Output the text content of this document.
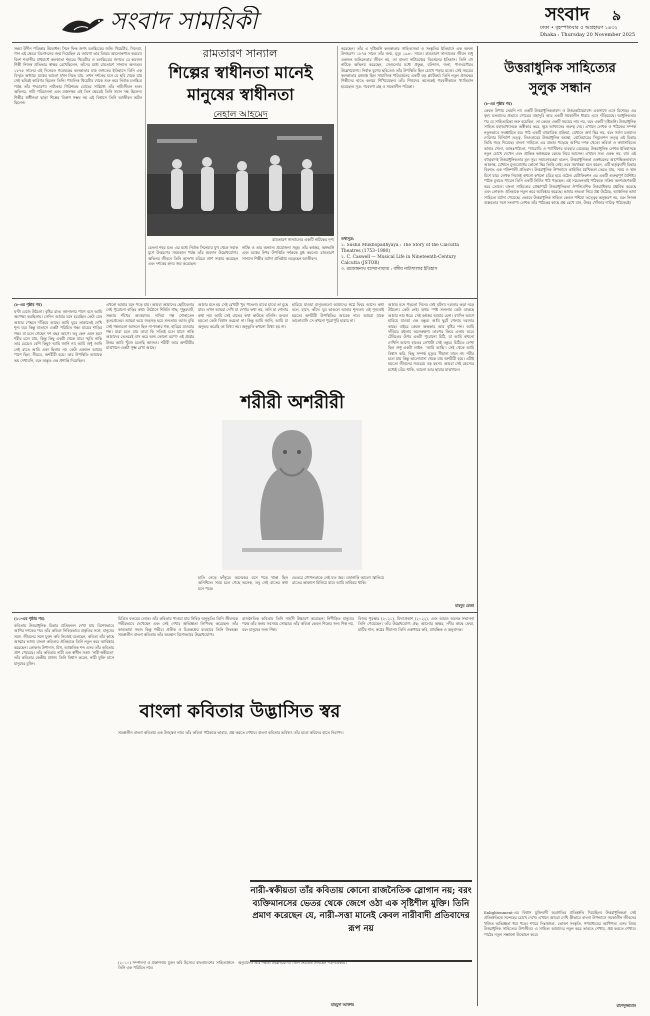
সংবাদ সাময়িকী	সংবাদ	৯
ঢাকা • বৃহস্পতিবার ৫ অগ্রহায়ণ ১৪৩২
Dhaka : Thursday 20 November 2025
সন্ধ্যা উদীন পত্রিকার উদ্বোধন। সিনে ফিক জগৎ চলচ্চিত্রের জনি। থিয়েটার, সিনেমা, গান এই ক্ষেত্রে বিনোদনের জন্ম দিয়েছিল যে জায়গা তার বিষয়ে আলোকপাত করবো। বিংশ শতাব্দীর প্রথমার্ধে কলকাতা শহরের থিয়েটার ও চলচ্চিত্রের জগতে যে কয়জন শিল্পী নিজস্ব প্রতিভার স্বাক্ষর রেখেছিলেন, তাঁদের মধ্যে রামতারণ সান্যাল অন্যতম। ১৮৭৫ সালের এই দিনেরও গবেষকের কলকাতার মঞ্চ জগতের ইতিহাসে তিনি এক বিস্মৃত অধ্যায়। মঞ্চের আলো যখন নিভে যায়, তখন দর্শকের মনে যে ছবি থেকে যায় সেই ছবিরই কারিগর ছিলেন তিনি। পাবলিক থিয়েটার থেকে শুরু করে নির্বাক চলচ্চিত্র পর্যন্ত তাঁর পদচারণা। নাট্যকার গিরিশচন্দ্র ঘোষের সান্নিধ্যে তাঁর নাট্যজীবন শুরু। অভিনয়, নাট্য পরিচালনা এবং মঞ্চসজ্জা এই তিন ক্ষেত্রেই তিনি সমান দক্ষ ছিলেন। শিল্পীর স্বাধীনতা ছাড়া শিল্পের বিকাশ সম্ভব নয় এই বিশ্বাসে তিনি আজীবন অটল ছিলেন।
রামতারণ সান্যাল
শিল্পের স্বাধীনতা মানেই
মানুষের স্বাধীনতা
নেহাল আহমেদ
রামতারণ সান্যালের একটি নাটকের দৃশ্য
চেনলা শহর মত। এর মধ্যে নির্বাক সিনেমার যুগ থেকে সবাক যুগে উত্তরণের সময়কাল পর্যন্ত তাঁর অবদান উল্লেখযোগ্য। অভিনয় জীবনে তিনি অসংখ্য চরিত্রে প্রাণ সঞ্চার করেছেন এবং দর্শকের হৃদয় জয় করেছেন।
নাটক ও তার অন্যান্য প্রযোজনা সমূহ। তাঁর কণ্ঠস্বর, অঙ্গভঙ্গি এবং মঞ্চের উপর উপস্থিতি দর্শককে মুগ্ধ করতো। রামতারণ সান্যাল শিল্পীর মর্যাদা প্রতিষ্ঠায় লড়েছেন আজীবন।
করেছেন। তাঁর এ দৃষ্টিভঙ্গি কলকাতার সাহিত্যসভা ও সংস্কৃতির ইতিহাসে এক অনন্য উদাহরণ। ১৮৭৫ সালে তাঁর জন্ম, মৃত্যু ১৯৪০ সালে। রামতারণ সান্যালের জীবন শুধু একজন অভিনেতার জীবন নয়, তা বাংলা নাট্যমঞ্চের বিবর্তনের ইতিহাস। তিনি বহু নাটকে অভিনয় করেছেন, সেগুলোর মধ্যে প্রফুল্ল, বলিদান, জনা, পাণ্ডবগৌরব উল্লেখযোগ্য। নির্বাক যুগের ছবিতেও তাঁর উপস্থিতি ছিল চোখে পড়ার মতো। সেই সময়ের কলকাতার রঙ্গমঞ্চ ছিল সামাজিক পরিবর্তনের একটি বড় প্ল্যাটফর্ম। তিনি নতুন প্রজন্মের শিল্পীদের হাতে কলমে শিখিয়েছেন। তাঁর শিষ্যদের অনেকেই পরবর্তীকালে খ্যাতিমান হয়েছেন। সূত্র: গবেষণা গ্রন্থ ও সমকালীন পত্রিকা।
তথ্যসূত্র:
১. Sushil Mukhopadhyaya : The Story of the Calcutta Theatres (1753–1980)
২. C. Caswell — Musical Life in Nineteenth-Century Calcutta (JSTOR)
৩. ব্রজেন্দ্রনাথ বন্দ্যোপাধ্যায় : বঙ্গীয় নাট্যশালার ইতিহাস
উত্তরাধুনিক সাহিত্যের
সুলুক সন্ধান
(৮-এর পৃষ্ঠার পর)
কেবল উপায় তেমনি না। একটি উত্তরাধুনিকতাবাদ ও উত্তরকাঠামোবাদ একসাথে এসে মিশেছে। এর বৃহৎ মতবাদের প্রভাবে গোত্রের বাহাদুরি আর একটি সমকালীন ধারায় এসে দাঁড়িয়েছে। আধুনিকতার পর যে সাহিত্যচিন্তা শুরু হয়েছিল, তা কেবল একটি সময়ের নাম নয়, বরং একটি দৃষ্টিভঙ্গি। উত্তরাধুনিক সাহিত্য মহাআখ্যানকে অস্বীকার করে, ক্ষুদ্র আখ্যানের গুরুত্ব দেয়। এখানে লেখক ও পাঠকের সম্পর্ক নতুনভাবে সংজ্ঞায়িত হয়। পাঠ একটি বহুমাত্রিক প্রক্রিয়া, যেখানে অর্থ স্থির নয়, বরং সর্বদা চলমান। দেরিদার বিনির্মাণ তত্ত্ব, লিওতারের উত্তরাধুনিক অবস্থা, বোদ্রিয়ারের সিমুলেশন তত্ত্ব এই চিন্তার ভিত্তি গড়ে দিয়েছে। বাংলা সাহিত্যে এর প্রভাব পড়েছে আশির দশক থেকে। কবিতা ও কথাসাহিত্যে ভাষার খেলা, আন্তঃপাঠ্যতা, প্যারোডি ও প্যাস্টিশের ব্যবহার বেড়েছে। উত্তরাধুনিক লেখক ইতিহাসকে নতুন চোখে দেখেন এবং প্রান্তিক কণ্ঠস্বরকে কেন্দ্রে নিয়ে আসেন। এখানে সত্য একক নয়, বহু। এই বহুত্ববাদই উত্তরাধুনিকতার মূল সুর। সমালোচকরা বলেন, উত্তরাধুনিকতা একধরনের আপেক্ষিকতাবাদে আক্রান্ত, যেখানে মূল্যবোধের কোনো স্থির ভিত্তি নেই। তবে সমর্থকরা মনে করেন, এটি কর্তৃত্ববাদী চিন্তার বিরুদ্ধে এক শক্তিশালী প্রতিবাদ। উত্তরাধুনিক উপন্যাসে কাহিনির রৈখিকতা ভেঙে যায়, সময় ও স্থান মিশে যায়। লেখক নিজেই কখনো কখনো চরিত্র হয়ে ওঠেন। মেটাফিকশন এর একটি গুরুত্বপূর্ণ বৈশিষ্ট্য। পাঠক বুঝতে পারেন তিনি একটি নির্মিত পাঠ পড়ছেন। এই সচেতনতাই পাঠককে সক্রিয় অংশগ্রহণকারী করে তোলে। বাংলা সাহিত্যের প্রেক্ষাপটে উত্তরাধুনিকতা ঔপনিবেশিক উত্তরাধিকার প্রশ্নবিদ্ধ করেছে এবং লোকজ ঐতিহ্যকে নতুন করে আবিষ্কার করেছে। ভাষার শুদ্ধতা নিয়ে প্রশ্ন উঠেছে, আঞ্চলিক ভাষা সাহিত্যে মর্যাদা পেয়েছে। এভাবে উত্তরাধুনিক সাহিত্য কেবল পশ্চিমা তত্ত্বের অনুকরণ নয়, বরং নিজস্ব বাস্তবতার সঙ্গে সংলাপ। লেখক তাঁর পাঠকের কাছে প্রশ্ন রেখে যান, উত্তর খোঁজার দায়িত্ব পাঠকেরই।
Enlightenment-এর বিশ্বাস যুক্তিবাদী অগ্রগতির প্রতিশ্রুতি দিয়েছিল। উত্তরাধুনিকতা সেই প্রতিশ্রুতিকে সন্দেহের চোখে দেখে। এখানে আমরা দেখি কীভাবে বাংলা উপন্যাসে সমকালীন জীবনের খণ্ডিত অভিজ্ঞতা ধরা পড়ে। শহুরে নিঃসঙ্গতা, ভোক্তা সংস্কৃতি, গণমাধ্যমের আধিপত্য এসব বিষয় উত্তরাধুনিক সাহিত্যের উপজীব্য। এ সাহিত্য আমাদের নতুন করে ভাবতে শেখায়, প্রশ্ন করতে শেখায়। পাঠের নতুন সম্ভাবনা উন্মোচন করে।
রাশেদুজ্জামান
(৮-এর পৃষ্ঠার পর)
ঘণ্টা বেজে উঠলো। বৃষ্টির রাত। জানালার পাশে বসে আমি অপেক্ষা করছিলাম। সেদিন আমার মনে হয়েছিল কেউ যেন আমার পেছনে দাঁড়িয়ে আছে। আমি ঘুরে তাকাতেই দেখি শূন্য ঘর। কিন্তু বাতাসে একটা পরিচিত গন্ধ। মায়ের শাড়ির গন্ধ। মা চলে গেছেন দশ বছর আগে। তবু কেন এমন হয়? শরীর চলে যায়, কিন্তু কিছু একটা থেকে যায়। স্মৃতি নাকি তার চেয়েও বেশি কিছু? আমি জানি না। আমি শুধু জানি সেই রাতে আমি একা ছিলাম না। কেউ একজন আমার পাশে ছিল, নীরবে, অশরীরী হয়ে। তার উপস্থিতি আমাকে ভয় দেখায়নি, বরং অদ্ভুত এক প্রশান্তি দিয়েছিল।
এখনো আমার মনে পড়ে যায়। আমরা আমাদের ছোটবেলার সেই পুরোনো বাড়ির কথা। উঠোনে শিউলি গাছ, পুকুরঘাট, সন্ধ্যায় শাঁখের আওয়াজ। দাদিমা গল্প শোনাতেন ভূতপ্রেতের। আমরা ভয়ে জড়সড় হয়ে শুনতাম। আজ বুঝি সেই গল্পগুলো আসলে ছিল না-থাকার গল্প, হারিয়ে যাওয়ার গল্প। যারা চলে যায় তারা কি সত্যিই চলে যায়? নাকি আমাদের ভেতরেই বাস করে অন্য কোনো রূপে? এই প্রশ্নের উত্তর আমি খুঁজে চলেছি আজও। শরীরী আর অশরীরীর মাঝখানে একটা সূক্ষ্ম রেখা আছে।
আমার মনে হয় সেই রেখাটা খুব পাতলা। মাঝে মাঝে তা মুছে যায়। তখন আমরা দেখি যা দেখার কথা নয়, শুনি যা শোনার কথা নয়। আমি সেই রাতের কথা কাউকে বলিনি। বললে হয়তো কেউ বিশ্বাস করতো না। কিন্তু আমি জানি, আমি যা অনুভব করেছি তা মিথ্যা নয়। অনুভূতি কখনো মিথ্যা হয় না।
হারিয়ে যাওয়া মানুষগুলো আমাদের স্বপ্নে ফিরে আসে। কথা বলে, হাসে, কাঁদে। ঘুম ভাঙলে আবার শূন্যতা। এই শূন্যতাই হয়তো অশরীরী উপস্থিতির আরেক নাম। আমরা যাকে ভালোবাসি সে কখনো পুরোপুরি হারায় না।
আমার মনে পড়লো দিনের সেই ঘটনা। দরজার কড়া নড়ে উঠলো। কেউ নেই। অথচ স্পষ্ট শুনলাম কেউ ডাকছে আমার নাম ধরে। সেই কণ্ঠস্বর আমার চেনা। বহুদিন আগে হারিয়ে যাওয়া এক বন্ধুর। আমি ছুটে গেলাম দরজার কাছে। বাইরে কেবল অন্ধকার আর বৃষ্টির শব্দ। আমি দাঁড়িয়ে রইলাম অনেকক্ষণ। তারপর ফিরে এলাম ঘরে। টেবিলের উপর একটা পুরোনো চিঠি, যা আমি কখনো দেখিনি আগে। হাতের লেখাটা সেই বন্ধুর। চিঠিতে লেখা ছিল শুধু একটা লাইন: ‘আমি আছি’। সেই থেকে আমি বিশ্বাস করি, কিছু সম্পর্ক মৃত্যুর সীমানা মানে না। শরীর চলে যায় কিন্তু ভালোবাসা থেকে যায় অশরীরী হয়ে। এটাই হয়তো জীবনের সবচেয়ে বড় রহস্য। আমরা সেই রহস্যের মধ্যেই বেঁচে থাকি, আলো আর ছায়ার মাঝখানে।
শরীরী অশরীরী
হাতি নেড়ে ফাঁসুরে। অনেকের বসে পড়ে থাকা ছিল অনিশ্চিত। সময় চলে গেছে অনেক, তবু সেই রাতের কথা মনে পড়ে।
ভেতরে গোপনতাকে নেই যত জ্বর। জোনাকি আলো জ্বালিয়ে রাতের আকাশে মিলিয়ে যায়। আমি তাকিয়ে থাকি।
মাহবুব রেজা
(১০-এর পৃষ্ঠার পর)
কবিতায় উত্তরাধুনিক চিন্তার প্রতিফলন দেখা যায় বিশেষভাবে আশির দশকের পর। তাঁর কবিতা নিবিড়ভাবে প্রকৃতির সঙ্গে, মানুষের সঙ্গে, জীবনের সঙ্গে যুক্ত। কবি নিজেই বলেছেন, কবিতা তাঁর কাছে আত্মার ভাষা। বাংলা কবিতার ঐতিহ্যকে তিনি নতুন করে আবিষ্কার করেছেন। লোকজ উপাদান, মিথ, আঞ্চলিক শব্দ এসব তাঁর কবিতায় প্রাণ পেয়েছে। তাঁর কবিতায় নারী এক স্বাধীন সত্তা। ‘নারী-স্বকীয়তা’ তাঁর কবিতার কেন্দ্রীয় প্রসঙ্গ। তিনি বিশ্বাস করেন, নারী মুক্তি মানে মানুষের মুক্তি।
চিত্রিত বলয়ের লোক। তাঁর কবিতায় পাওয়া যায় নিবিড় অনুভূতি। তিনি জীবনকে গভীরভাবে দেখেছেন এবং সেই দেখার অভিজ্ঞতা লিপিবদ্ধ করেছেন। তাঁর কাব্যভাষা সহজ কিন্তু গভীর। প্রতীক ও চিত্রকল্পের ব্যবহারে তিনি সিদ্ধহস্ত। সমকালীন বাংলা কবিতায় তাঁর অবস্থান বিশেষভাবে উল্লেখযোগ্য।
রাজনৈতিক কবিতায় তিনি সাহসী উচ্চারণ করেছেন। নিপীড়িত মানুষের পক্ষে তাঁর কলম সবসময় সোচ্চার। তাঁর কবিতা কেবল শিল্পের জন্য শিল্প নয়, বরং মানুষের জন্য শিল্প।
বিজয় পুরস্কার (২০২১), বিদ্যাপ্রকাশ (২০২২), এবং আরও অনেক সম্মাননা তিনি পেয়েছেন। তাঁর উল্লেখযোগ্য গ্রন্থ: আলোর অক্ষর, নদীর কাছে ফেরা, মাটির গান, স্বপ্নের সীমানা। তিনি একাধারে কবি, প্রাবন্ধিক ও অনুবাদক।
বাংলা কবিতার উদ্ভাসিত স্বর
সমকালীন বাংলা কবিতায় এক উজ্জ্বল নাম। তাঁর কবিতা পাঠককে ভাবায়, প্রশ্ন করতে শেখায়। বাংলা কবিতার ভবিষ্যৎ তাঁর মতো কবিদের হাতে নিরাপদ।
(২০১০) সম্পাদনা ও প্রকাশনায় যুক্ত। কবি হিসেবে বাংলাদেশের সাহিত্যাঙ্গনে তিনি এক পরিচিত নাম।
অনুবাদেও তাঁর দক্ষতা উল্লেখযোগ্য। তিনি নিয়মিত লিখছেন পত্রপত্রিকায়।
মাহমুদা আক্তার
নারী-স্বকীয়তা তাঁর কবিতায় কোনো রাজনৈতিক স্লোগান নয়; বরং ব্যক্তিমানসের ভেতর থেকে জেগে ওঠা এক সৃষ্টিশীল মুক্তি। তিনি প্রমাণ করেছেন যে, নারী-সত্তা মানেই কেবল নারীবাদী প্রতিবাদের রূপ নয়
